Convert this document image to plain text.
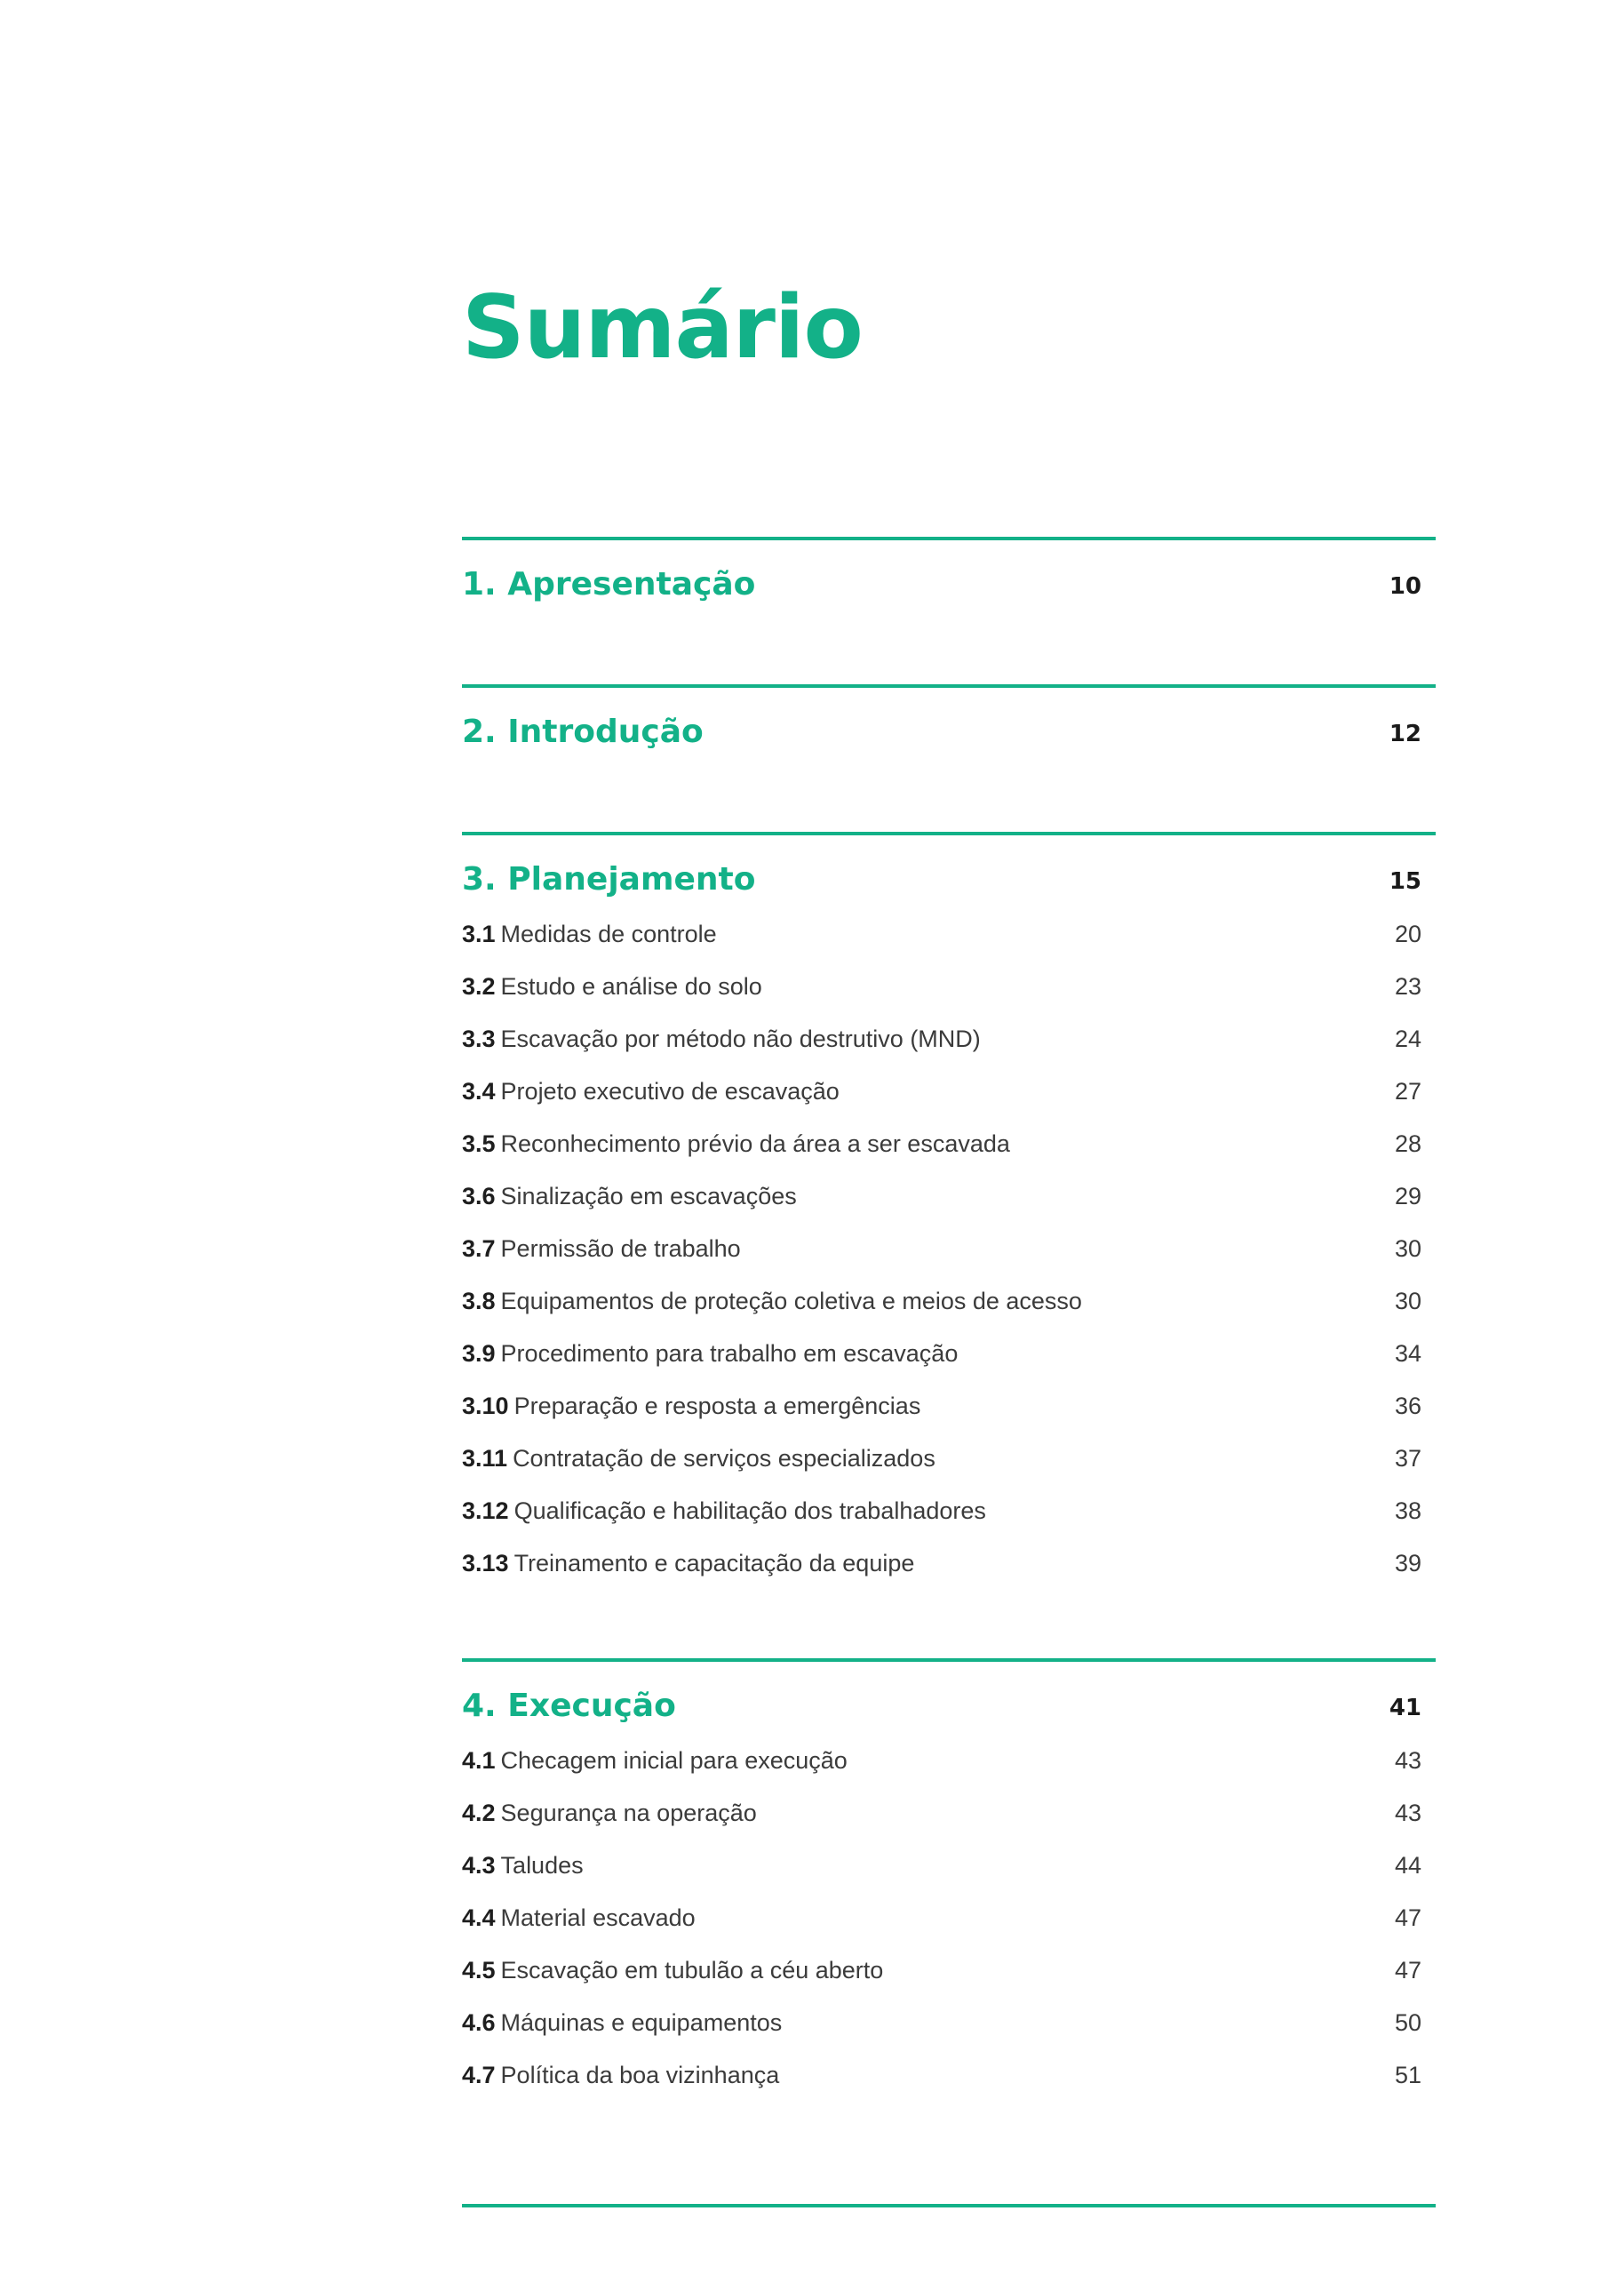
Sumário
1. Apresentação	10
2. Introdução	12
3. Planejamento	15
3.1 Medidas de controle	20
3.2 Estudo e análise do solo	23
3.3 Escavação por método não destrutivo (MND)	24
3.4 Projeto executivo de escavação	27
3.5 Reconhecimento prévio da área a ser escavada	28
3.6 Sinalização em escavações	29
3.7 Permissão de trabalho	30
3.8 Equipamentos de proteção coletiva e meios de acesso	30
3.9 Procedimento para trabalho em escavação	34
3.10 Preparação e resposta a emergências	36
3.11 Contratação de serviços especializados	37
3.12 Qualificação e habilitação dos trabalhadores	38
3.13 Treinamento e capacitação da equipe	39
4. Execução	41
4.1 Checagem inicial para execução	43
4.2 Segurança na operação	43
4.3 Taludes	44
4.4 Material escavado	47
4.5 Escavação em tubulão a céu aberto	47
4.6 Máquinas e equipamentos	50
4.7 Política da boa vizinhança	51
